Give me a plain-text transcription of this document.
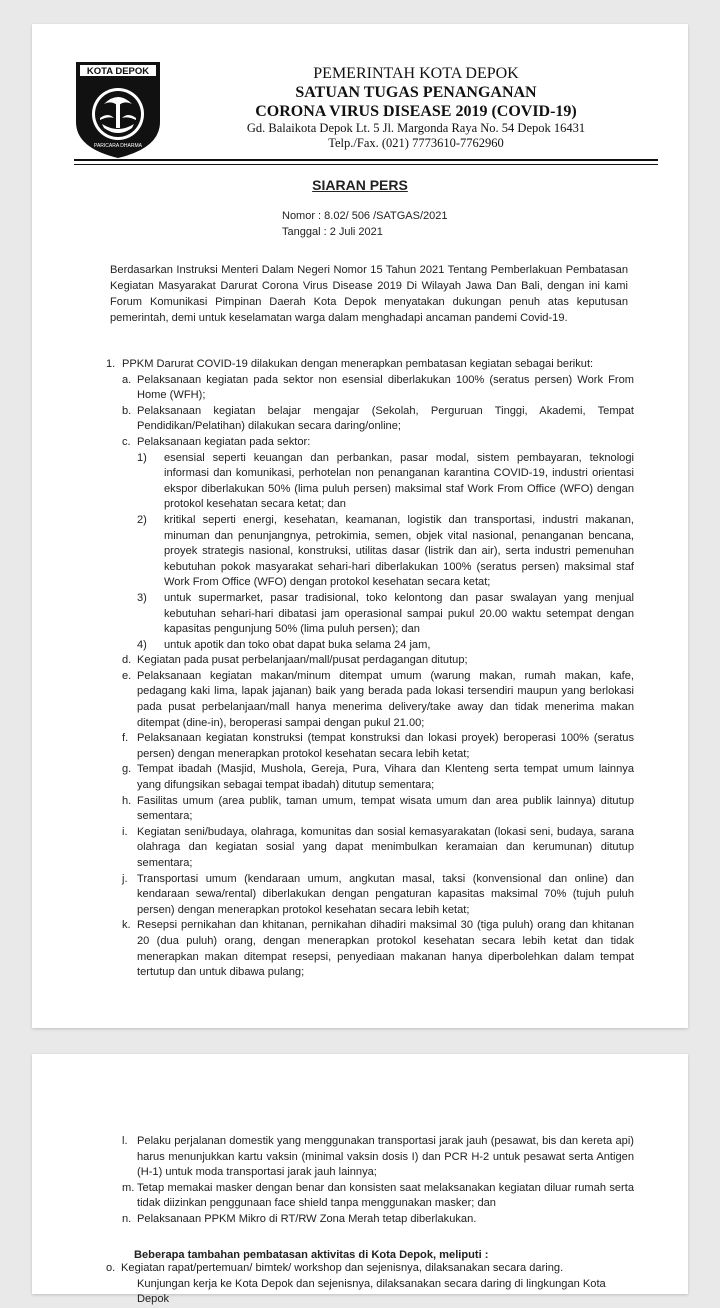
KOTA DEPOK
PARICARA DHARMA
PEMERINTAH KOTA DEPOK
SATUAN TUGAS PENANGANAN
CORONA VIRUS DISEASE 2019 (COVID-19)
Gd. Balaikota Depok Lt. 5 Jl. Margonda Raya No. 54 Depok 16431
Telp./Fax. (021) 7773610-7762960
SIARAN PERS
Nomor : 8.02/ 506 /SATGAS/2021
Tanggal : 2 Juli 2021
Berdasarkan Instruksi Menteri Dalam Negeri Nomor 15 Tahun 2021 Tentang Pemberlakuan Pembatasan Kegiatan Masyarakat Darurat Corona Virus Disease 2019 Di Wilayah Jawa Dan Bali, dengan ini kami Forum Komunikasi Pimpinan Daerah Kota Depok menyatakan dukungan penuh atas keputusan pemerintah, demi untuk keselamatan warga dalam menghadapi ancaman pandemi Covid-19.
1. PPKM Darurat COVID-19 dilakukan dengan menerapkan pembatasan kegiatan sebagai berikut:
a. Pelaksanaan kegiatan pada sektor non esensial diberlakukan 100% (seratus persen) Work From Home (WFH);
b. Pelaksanaan kegiatan belajar mengajar (Sekolah, Perguruan Tinggi, Akademi, Tempat Pendidikan/Pelatihan) dilakukan secara daring/online;
c. Pelaksanaan kegiatan pada sektor:
1)	esensial seperti keuangan dan perbankan, pasar modal, sistem pembayaran, teknologi informasi dan komunikasi, perhotelan non penanganan karantina COVID-19, industri orientasi ekspor diberlakukan 50% (lima puluh persen) maksimal staf Work From Office (WFO) dengan protokol kesehatan secara ketat; dan
2)	kritikal seperti energi, kesehatan, keamanan, logistik dan transportasi, industri makanan, minuman dan penunjangnya, petrokimia, semen, objek vital nasional, penanganan bencana, proyek strategis nasional, konstruksi, utilitas dasar (listrik dan air), serta industri pemenuhan kebutuhan pokok masyarakat sehari-hari diberlakukan 100% (seratus persen) maksimal staf Work From Office (WFO) dengan protokol kesehatan secara ketat;
3)	untuk supermarket, pasar tradisional, toko kelontong dan pasar swalayan yang menjual kebutuhan sehari-hari dibatasi jam operasional sampai pukul 20.00 waktu setempat dengan kapasitas pengunjung 50% (lima puluh persen); dan
4)	untuk apotik dan toko obat dapat buka selama 24 jam,
d. Kegiatan pada pusat perbelanjaan/mall/pusat perdagangan ditutup;
e. Pelaksanaan kegiatan makan/minum ditempat umum (warung makan, rumah makan, kafe, pedagang kaki lima, lapak jajanan) baik yang berada pada lokasi tersendiri maupun yang berlokasi pada pusat perbelanjaan/mall hanya menerima delivery/take away dan tidak menerima makan ditempat (dine-in), beroperasi sampai dengan pukul 21.00;
f. Pelaksanaan kegiatan konstruksi (tempat konstruksi dan lokasi proyek) beroperasi 100% (seratus persen) dengan menerapkan protokol kesehatan secara lebih ketat;
g. Tempat ibadah (Masjid, Mushola, Gereja, Pura, Vihara dan Klenteng serta tempat umum lainnya yang difungsikan sebagai tempat ibadah) ditutup sementara;
h. Fasilitas umum (area publik, taman umum, tempat wisata umum dan area publik lainnya) ditutup sementara;
i. Kegiatan seni/budaya, olahraga, komunitas dan sosial kemasyarakatan (lokasi seni, budaya, sarana olahraga dan kegiatan sosial yang dapat menimbulkan keramaian dan kerumunan) ditutup sementara;
j. Transportasi umum (kendaraan umum, angkutan masal, taksi (konvensional dan online) dan kendaraan sewa/rental) diberlakukan dengan pengaturan kapasitas maksimal 70% (tujuh puluh persen) dengan menerapkan protokol kesehatan secara lebih ketat;
k. Resepsi pernikahan dan khitanan, pernikahan dihadiri maksimal 30 (tiga puluh) orang dan khitanan 20 (dua puluh) orang, dengan menerapkan protokol kesehatan secara lebih ketat dan tidak menerapkan makan ditempat resepsi, penyediaan makanan hanya diperbolehkan dalam tempat tertutup dan untuk dibawa pulang;
l. Pelaku perjalanan domestik yang menggunakan transportasi jarak jauh (pesawat, bis dan kereta api) harus menunjukkan kartu vaksin (minimal vaksin dosis I) dan PCR H-2 untuk pesawat serta Antigen (H-1) untuk moda transportasi jarak jauh lainnya;
m. Tetap memakai masker dengan benar dan konsisten saat melaksanakan kegiatan diluar rumah serta tidak diizinkan penggunaan face shield tanpa menggunakan masker; dan
n. Pelaksanaan PPKM Mikro di RT/RW Zona Merah tetap diberlakukan.
Beberapa tambahan pembatasan aktivitas di Kota Depok, meliputi :
o. Kegiatan rapat/pertemuan/ bimtek/ workshop dan sejenisnya, dilaksanakan secara daring.
Kunjungan kerja ke Kota Depok dan sejenisnya, dilaksanakan secara daring di lingkungan Kota Depok
